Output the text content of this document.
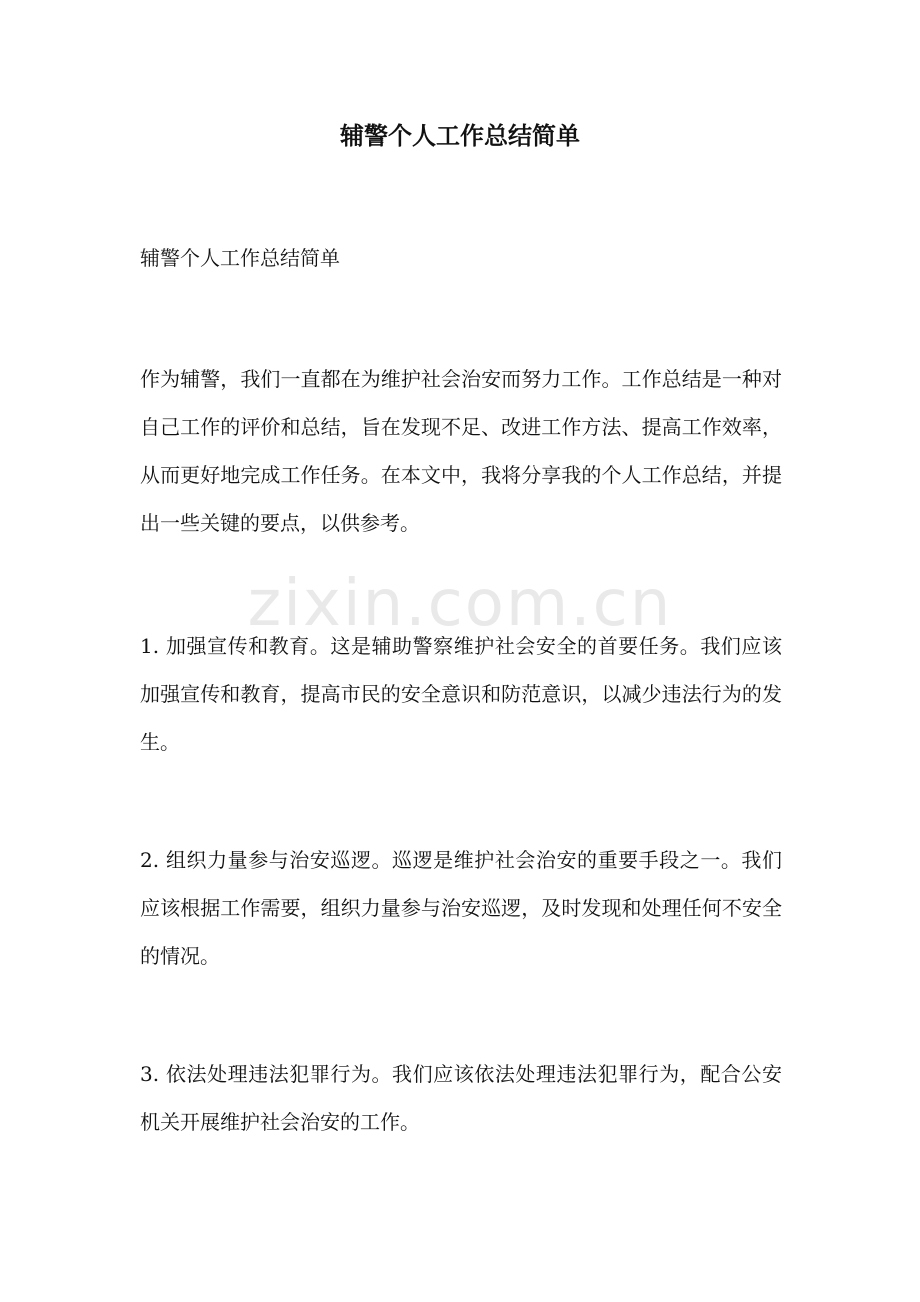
zixin.com.cn
辅警个人工作总结简单

辅警个人工作总结简单

作为辅警，我们一直都在为维护社会治安而努力工作。工作总结是一种对自己工作的评价和总结，旨在发现不足、改进工作方法、提高工作效率，从而更好地完成工作任务。在本文中，我将分享我的个人工作总结，并提出一些关键的要点，以供参考。

1. 加强宣传和教育。这是辅助警察维护社会安全的首要任务。我们应该加强宣传和教育，提高市民的安全意识和防范意识，以减少违法行为的发生。

2. 组织力量参与治安巡逻。巡逻是维护社会治安的重要手段之一。我们应该根据工作需要，组织力量参与治安巡逻，及时发现和处理任何不安全的情况。

3. 依法处理违法犯罪行为。我们应该依法处理违法犯罪行为，配合公安机关开展维护社会治安的工作。
